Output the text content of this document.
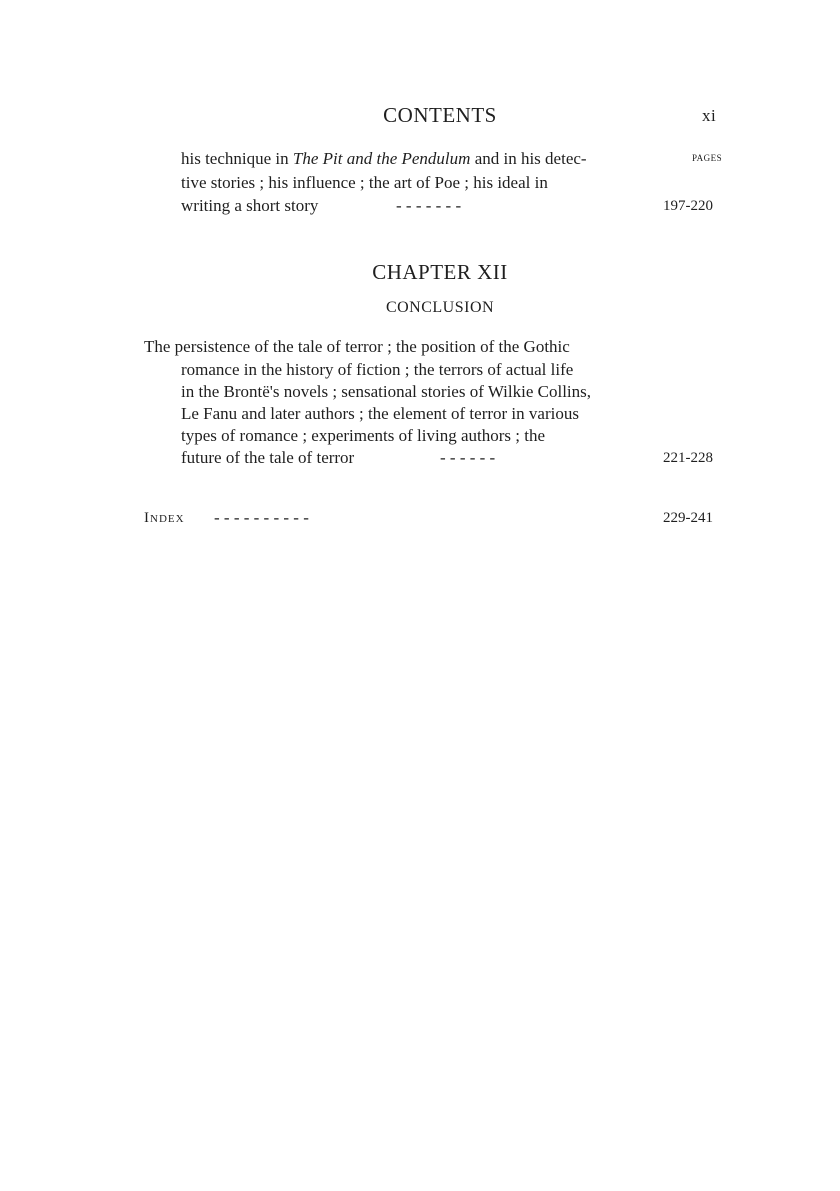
CONTENTS	xi
PAGES
his technique in The Pit and the Pendulum and in his detec-
tive stories ; his influence ; the art of Poe ; his ideal in
writing a short story	- - - - - - -	197-220
CHAPTER XII
CONCLUSION
The persistence of the tale of terror ; the position of the Gothic
romance in the history of fiction ; the terrors of actual life
in the Brontë's novels ; sensational stories of Wilkie Collins,
Le Fanu and later authors ; the element of terror in various
types of romance ; experiments of living authors ; the
future of the tale of terror	- - - - - -	221-228
Index - - - - - - - - - -	229-241
